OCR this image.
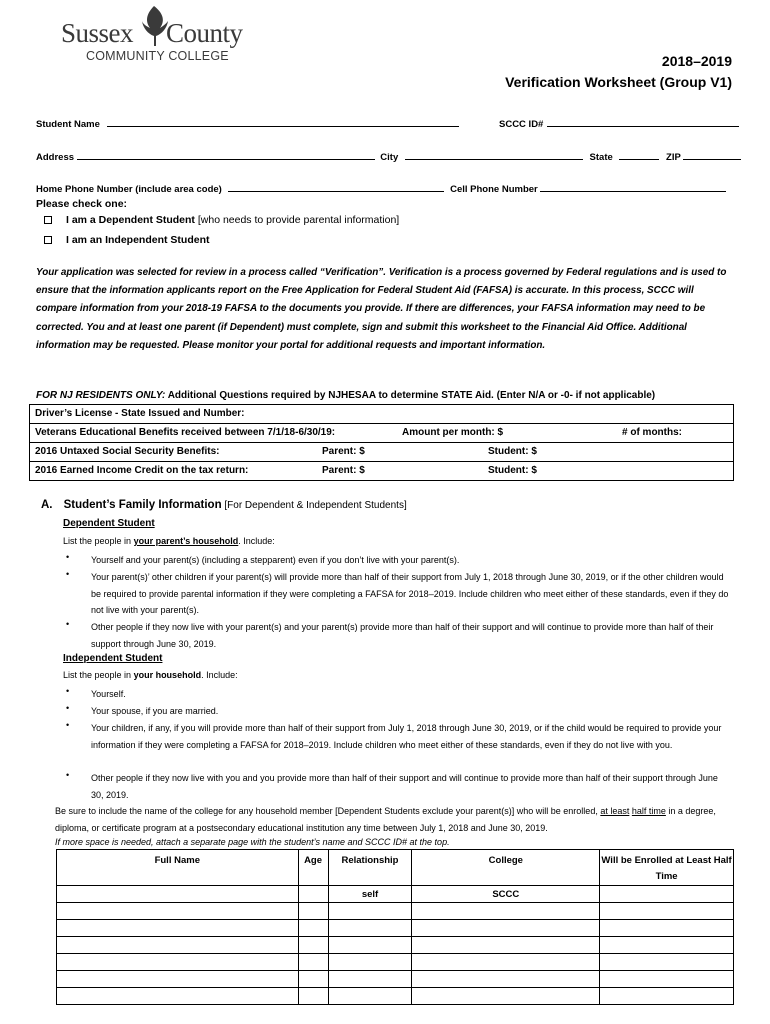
Sussex County
COMMUNITY COLLEGE	2018–2019
Verification Worksheet (Group V1)
Student Name	SCCC ID#
Address	City	State	ZIP
Home Phone Number (include area code)	Cell Phone Number
Please check one:
I am a Dependent Student [who needs to provide parental information]
I am an Independent Student
Your application was selected for review in a process called “Verification”. Verification is a process governed by Federal regulations and is used to ensure that the information applicants report on the Free Application for Federal Student Aid (FAFSA) is accurate. In this process, SCCC will compare information from your 2018-19 FAFSA to the documents you provide. If there are differences, your FAFSA information may need to be corrected. You and at least one parent (if Dependent) must complete, sign and submit this worksheet to the Financial Aid Office. Additional information may be requested. Please monitor your portal for additional requests and important information.
FOR NJ RESIDENTS ONLY: Additional Questions required by NJHESAA to determine STATE Aid. (Enter N/A or -0- if not applicable)
Driver’s License - State Issued and Number:

Veterans Educational Benefits received between 7/1/18-6/30/19:	Amount per month: $	# of months:

2016 Untaxed Social Security Benefits:	Parent: $	Student: $

2016 Earned Income Credit on the tax return:	Parent: $	Student: $
A. Student’s Family Information [For Dependent & Independent Students]
Dependent Student
List the people in your parent’s household. Include:
• Yourself and your parent(s) (including a stepparent) even if you don’t live with your parent(s).
• Your parent(s)’ other children if your parent(s) will provide more than half of their support from July 1, 2018 through June 30, 2019, or if the other children would be required to provide parental information if they were completing a FAFSA for 2018–2019. Include children who meet either of these standards, even if they do not live with your parent(s).
• Other people if they now live with your parent(s) and your parent(s) provide more than half of their support and will continue to provide more than half of their support through June 30, 2019.
Independent Student
List the people in your household. Include:
• Yourself.
• Your spouse, if you are married.
• Your children, if any, if you will provide more than half of their support from July 1, 2018 through June 30, 2019, or if the child would be required to provide your information if they were completing a FAFSA for 2018–2019. Include children who meet either of these standards, even if they do not live with you.
• Other people if they now live with you and you provide more than half of their support and will continue to provide more than half of their support through June 30, 2019.
Be sure to include the name of the college for any household member [Dependent Students exclude your parent(s)] who will be enrolled, at least half time in a degree, diploma, or certificate program at a postsecondary educational institution any time between July 1, 2018 and June 30, 2019.
If more space is needed, attach a separate page with the student’s name and SCCC ID# at the top.
Full Name	Age	Relationship	College	Will be Enrolled at Least Half Time
		self	SCCC	
